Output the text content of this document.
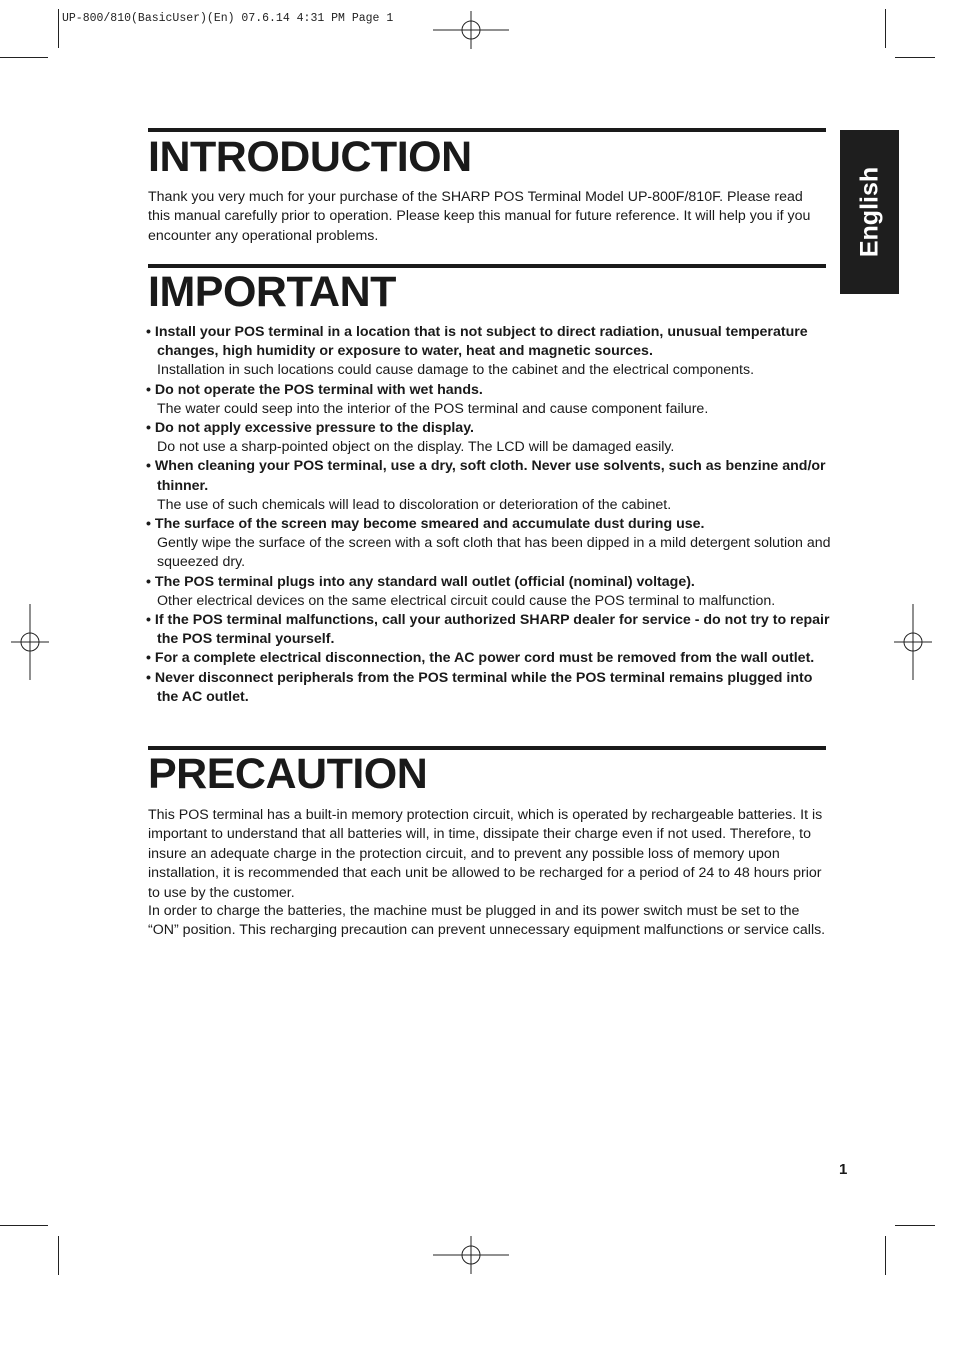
UP-800/810(BasicUser)(En) 07.6.14 4:31 PM Page 1
English
INTRODUCTION

Thank you very much for your purchase of the SHARP POS Terminal Model UP-800F/810F. Please read this manual carefully prior to operation. Please keep this manual for future reference. It will help you if you encounter any operational problems.

IMPORTANT
• Install your POS terminal in a location that is not subject to direct radiation, unusual temperature changes, high humidity or exposure to water, heat and magnetic sources.
Installation in such locations could cause damage to the cabinet and the electrical components.
• Do not operate the POS terminal with wet hands.
The water could seep into the interior of the POS terminal and cause component failure.
• Do not apply excessive pressure to the display.
Do not use a sharp-pointed object on the display. The LCD will be damaged easily.
• When cleaning your POS terminal, use a dry, soft cloth. Never use solvents, such as benzine and/or thinner.
The use of such chemicals will lead to discoloration or deterioration of the cabinet.
• The surface of the screen may become smeared and accumulate dust during use.
Gently wipe the surface of the screen with a soft cloth that has been dipped in a mild detergent solution and squeezed dry.
• The POS terminal plugs into any standard wall outlet (official (nominal) voltage).
Other electrical devices on the same electrical circuit could cause the POS terminal to malfunction.
• If the POS terminal malfunctions, call your authorized SHARP dealer for service - do not try to repair the POS terminal yourself.
• For a complete electrical disconnection, the AC power cord must be removed from the wall outlet.
• Never disconnect peripherals from the POS terminal while the POS terminal remains plugged into the AC outlet.
PRECAUTION

This POS terminal has a built-in memory protection circuit, which is operated by rechargeable batteries. It is important to understand that all batteries will, in time, dissipate their charge even if not used. Therefore, to insure an adequate charge in the protection circuit, and to prevent any possible loss of memory upon installation, it is recommended that each unit be allowed to be recharged for a period of 24 to 48 hours prior to use by the customer.

In order to charge the batteries, the machine must be plugged in and its power switch must be set to the “ON” position. This recharging precaution can prevent unnecessary equipment malfunctions or service calls.

1
